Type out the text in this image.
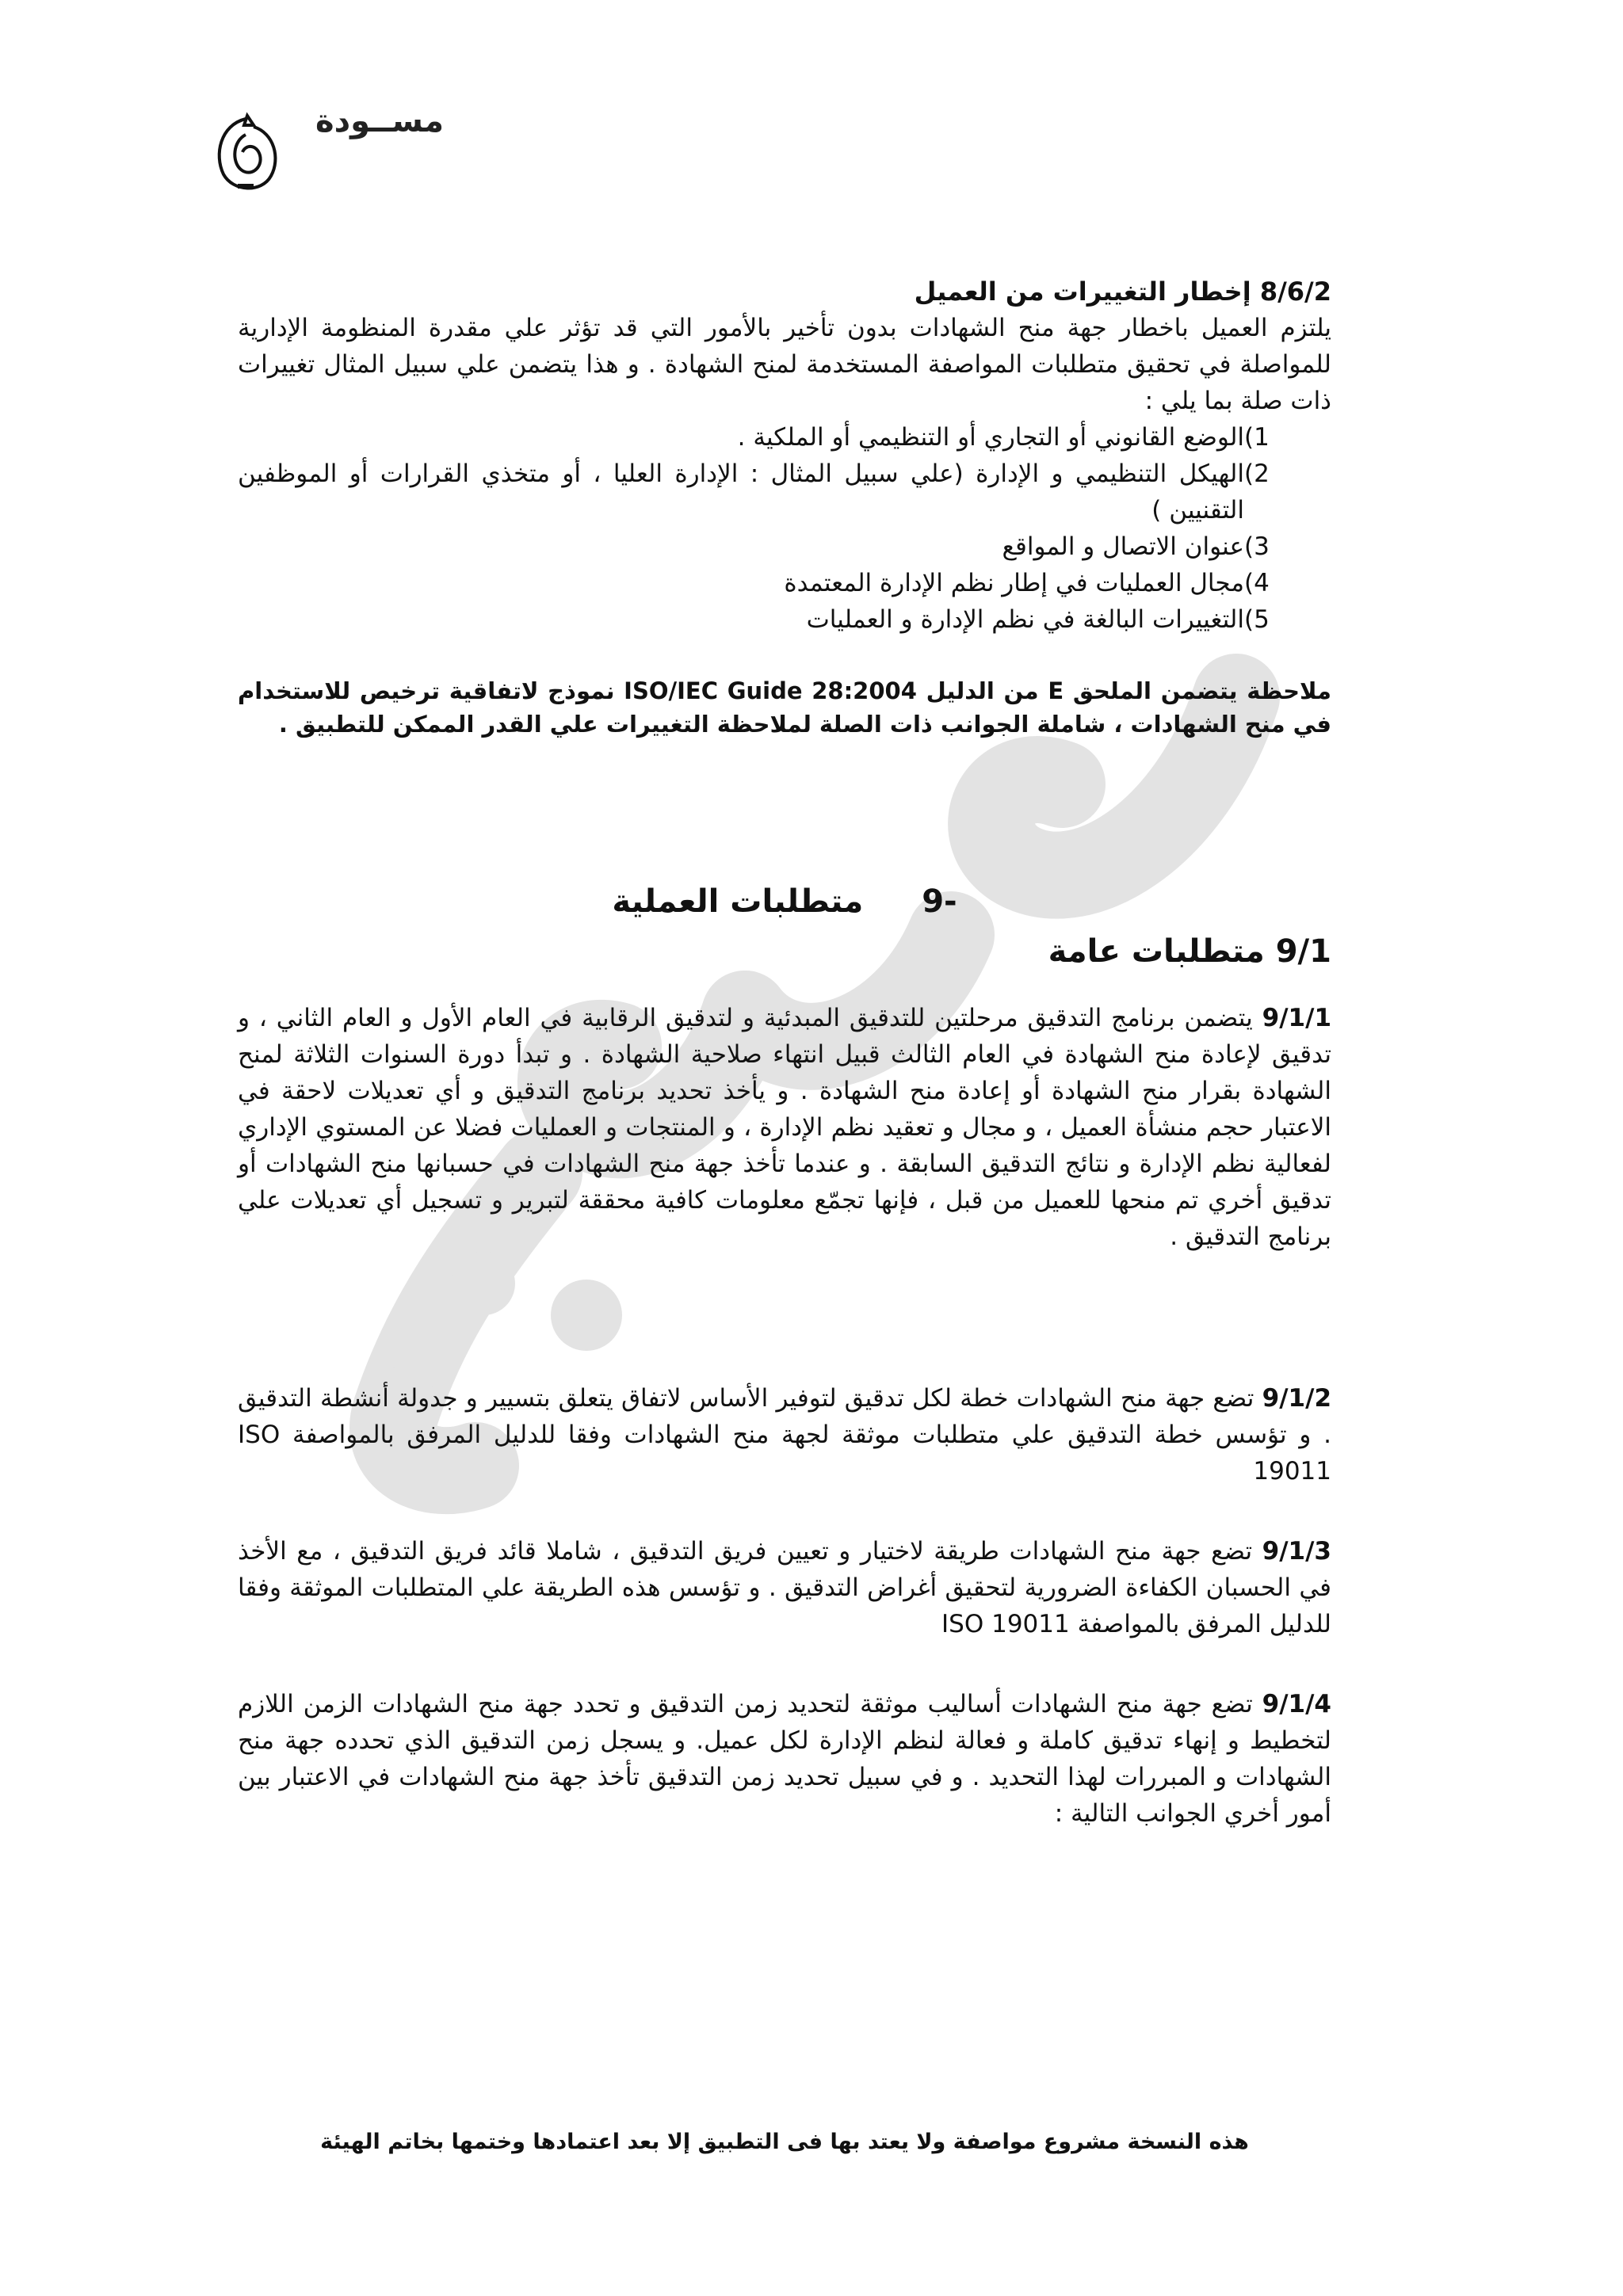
مســودة
8/6/2 إخطار التغييرات من العميل

يلتزم العميل باخطار جهة منح الشهادات بدون تأخير بالأمور التي قد تؤثر علي مقدرة المنظومة الإدارية للمواصلة في تحقيق متطلبات المواصفة المستخدمة لمنح الشهادة . و هذا يتضمن علي سبيل المثال تغييرات ذات صلة بما يلي :

1)
الوضع القانوني أو التجاري أو التنظيمي أو الملكية .
2)
الهيكل التنظيمي و الإدارة (علي سبيل المثال : الإدارة العليا ، أو متخذي القرارات أو الموظفين التقنيين )
3)
عنوان الاتصال و المواقع
4)
مجال العمليات في إطار نظم الإدارة المعتمدة
5)
التغييرات البالغة في نظم الإدارة و العمليات
ملاحظة يتضمن الملحق E من الدليل ISO/IEC Guide 28:2004 نموذج لاتفاقية ترخيص للاستخدام في منح الشهادات ، شاملة الجوانب ذات الصلة لملاحظة التغييرات علي القدر الممكن للتطبيق .
-9 متطلبات العملية
9/1 متطلبات عامة

9/1/1 يتضمن برنامج التدقيق مرحلتين للتدقيق المبدئية و لتدقيق الرقابية في العام الأول و العام الثاني ، و تدقيق لإعادة منح الشهادة في العام الثالث قبيل انتهاء صلاحية الشهادة . و تبدأ دورة السنوات الثلاثة لمنح الشهادة بقرار منح الشهادة أو إعادة منح الشهادة . و يأخذ تحديد برنامج التدقيق و أي تعديلات لاحقة في الاعتبار حجم منشأة العميل ، و مجال و تعقيد نظم الإدارة ، و المنتجات و العمليات فضلا عن المستوي الإداري لفعالية نظم الإدارة و نتائج التدقيق السابقة . و عندما تأخذ جهة منح الشهادات في حسبانها منح الشهادات أو تدقيق أخري تم منحها للعميل من قبل ، فإنها تجمّع معلومات كافية محققة لتبرير و تسجيل أي تعديلات علي برنامج التدقيق .

9/1/2 تضع جهة منح الشهادات خطة لكل تدقيق لتوفير الأساس لاتفاق يتعلق بتسيير و جدولة أنشطة التدقيق . و تؤسس خطة التدقيق علي متطلبات موثقة لجهة منح الشهادات وفقا للدليل المرفق بالمواصفة ISO 19011

9/1/3 تضع جهة منح الشهادات طريقة لاختيار و تعيين فريق التدقيق ، شاملا قائد فريق التدقيق ، مع الأخذ في الحسبان الكفاءة الضرورية لتحقيق أغراض التدقيق . و تؤسس هذه الطريقة علي المتطلبات الموثقة وفقا للدليل المرفق بالمواصفة ISO 19011

9/1/4 تضع جهة منح الشهادات أساليب موثقة لتحديد زمن التدقيق و تحدد جهة منح الشهادات الزمن اللازم لتخطيط و إنهاء تدقيق كاملة و فعالة لنظم الإدارة لكل عميل. و يسجل زمن التدقيق الذي تحدده جهة منح الشهادات و المبررات لهذا التحديد . و في سبيل تحديد زمن التدقيق تأخذ جهة منح الشهادات في الاعتبار بين أمور أخري الجوانب التالية :

هذه النسخة مشروع مواصفة ولا يعتد بها فى التطبيق إلا بعد اعتمادها وختمها بخاتم الهيئة
